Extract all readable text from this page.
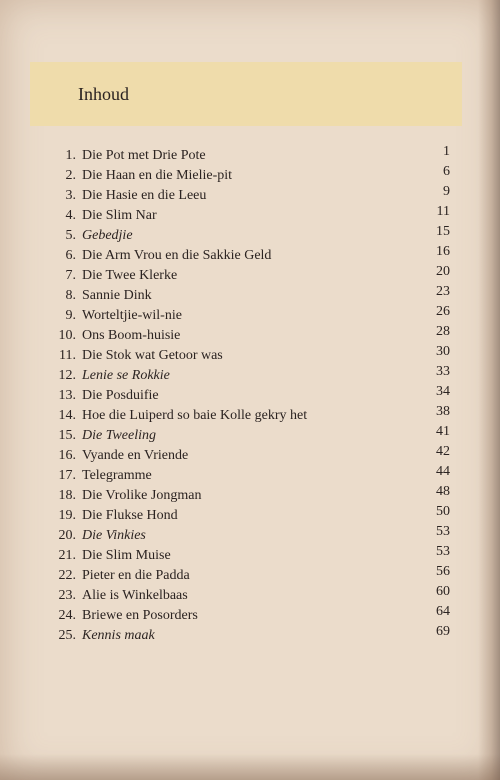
Inhoud
1. Die Pot met Drie Pote	1
2. Die Haan en die Mielie-pit	6
3. Die Hasie en die Leeu	9
4. Die Slim Nar	11
5. Gebedjie	15
6. Die Arm Vrou en die Sakkie Geld	16
7. Die Twee Klerke	20
8. Sannie Dink	23
9. Worteltjie-wil-nie	26
10. Ons Boom-huisie	28
11. Die Stok wat Getoor was	30
12. Lenie se Rokkie	33
13. Die Posduifie	34
14. Hoe die Luiperd so baie Kolle gekry het	38
15. Die Tweeling	41
16. Vyande en Vriende	42
17. Telegramme	44
18. Die Vrolike Jongman	48
19. Die Flukse Hond	50
20. Die Vinkies	53
21. Die Slim Muise	53
22. Pieter en die Padda	56
23. Alie is Winkelbaas	60
24. Briewe en Posorders	64
25. Kennis maak	69
